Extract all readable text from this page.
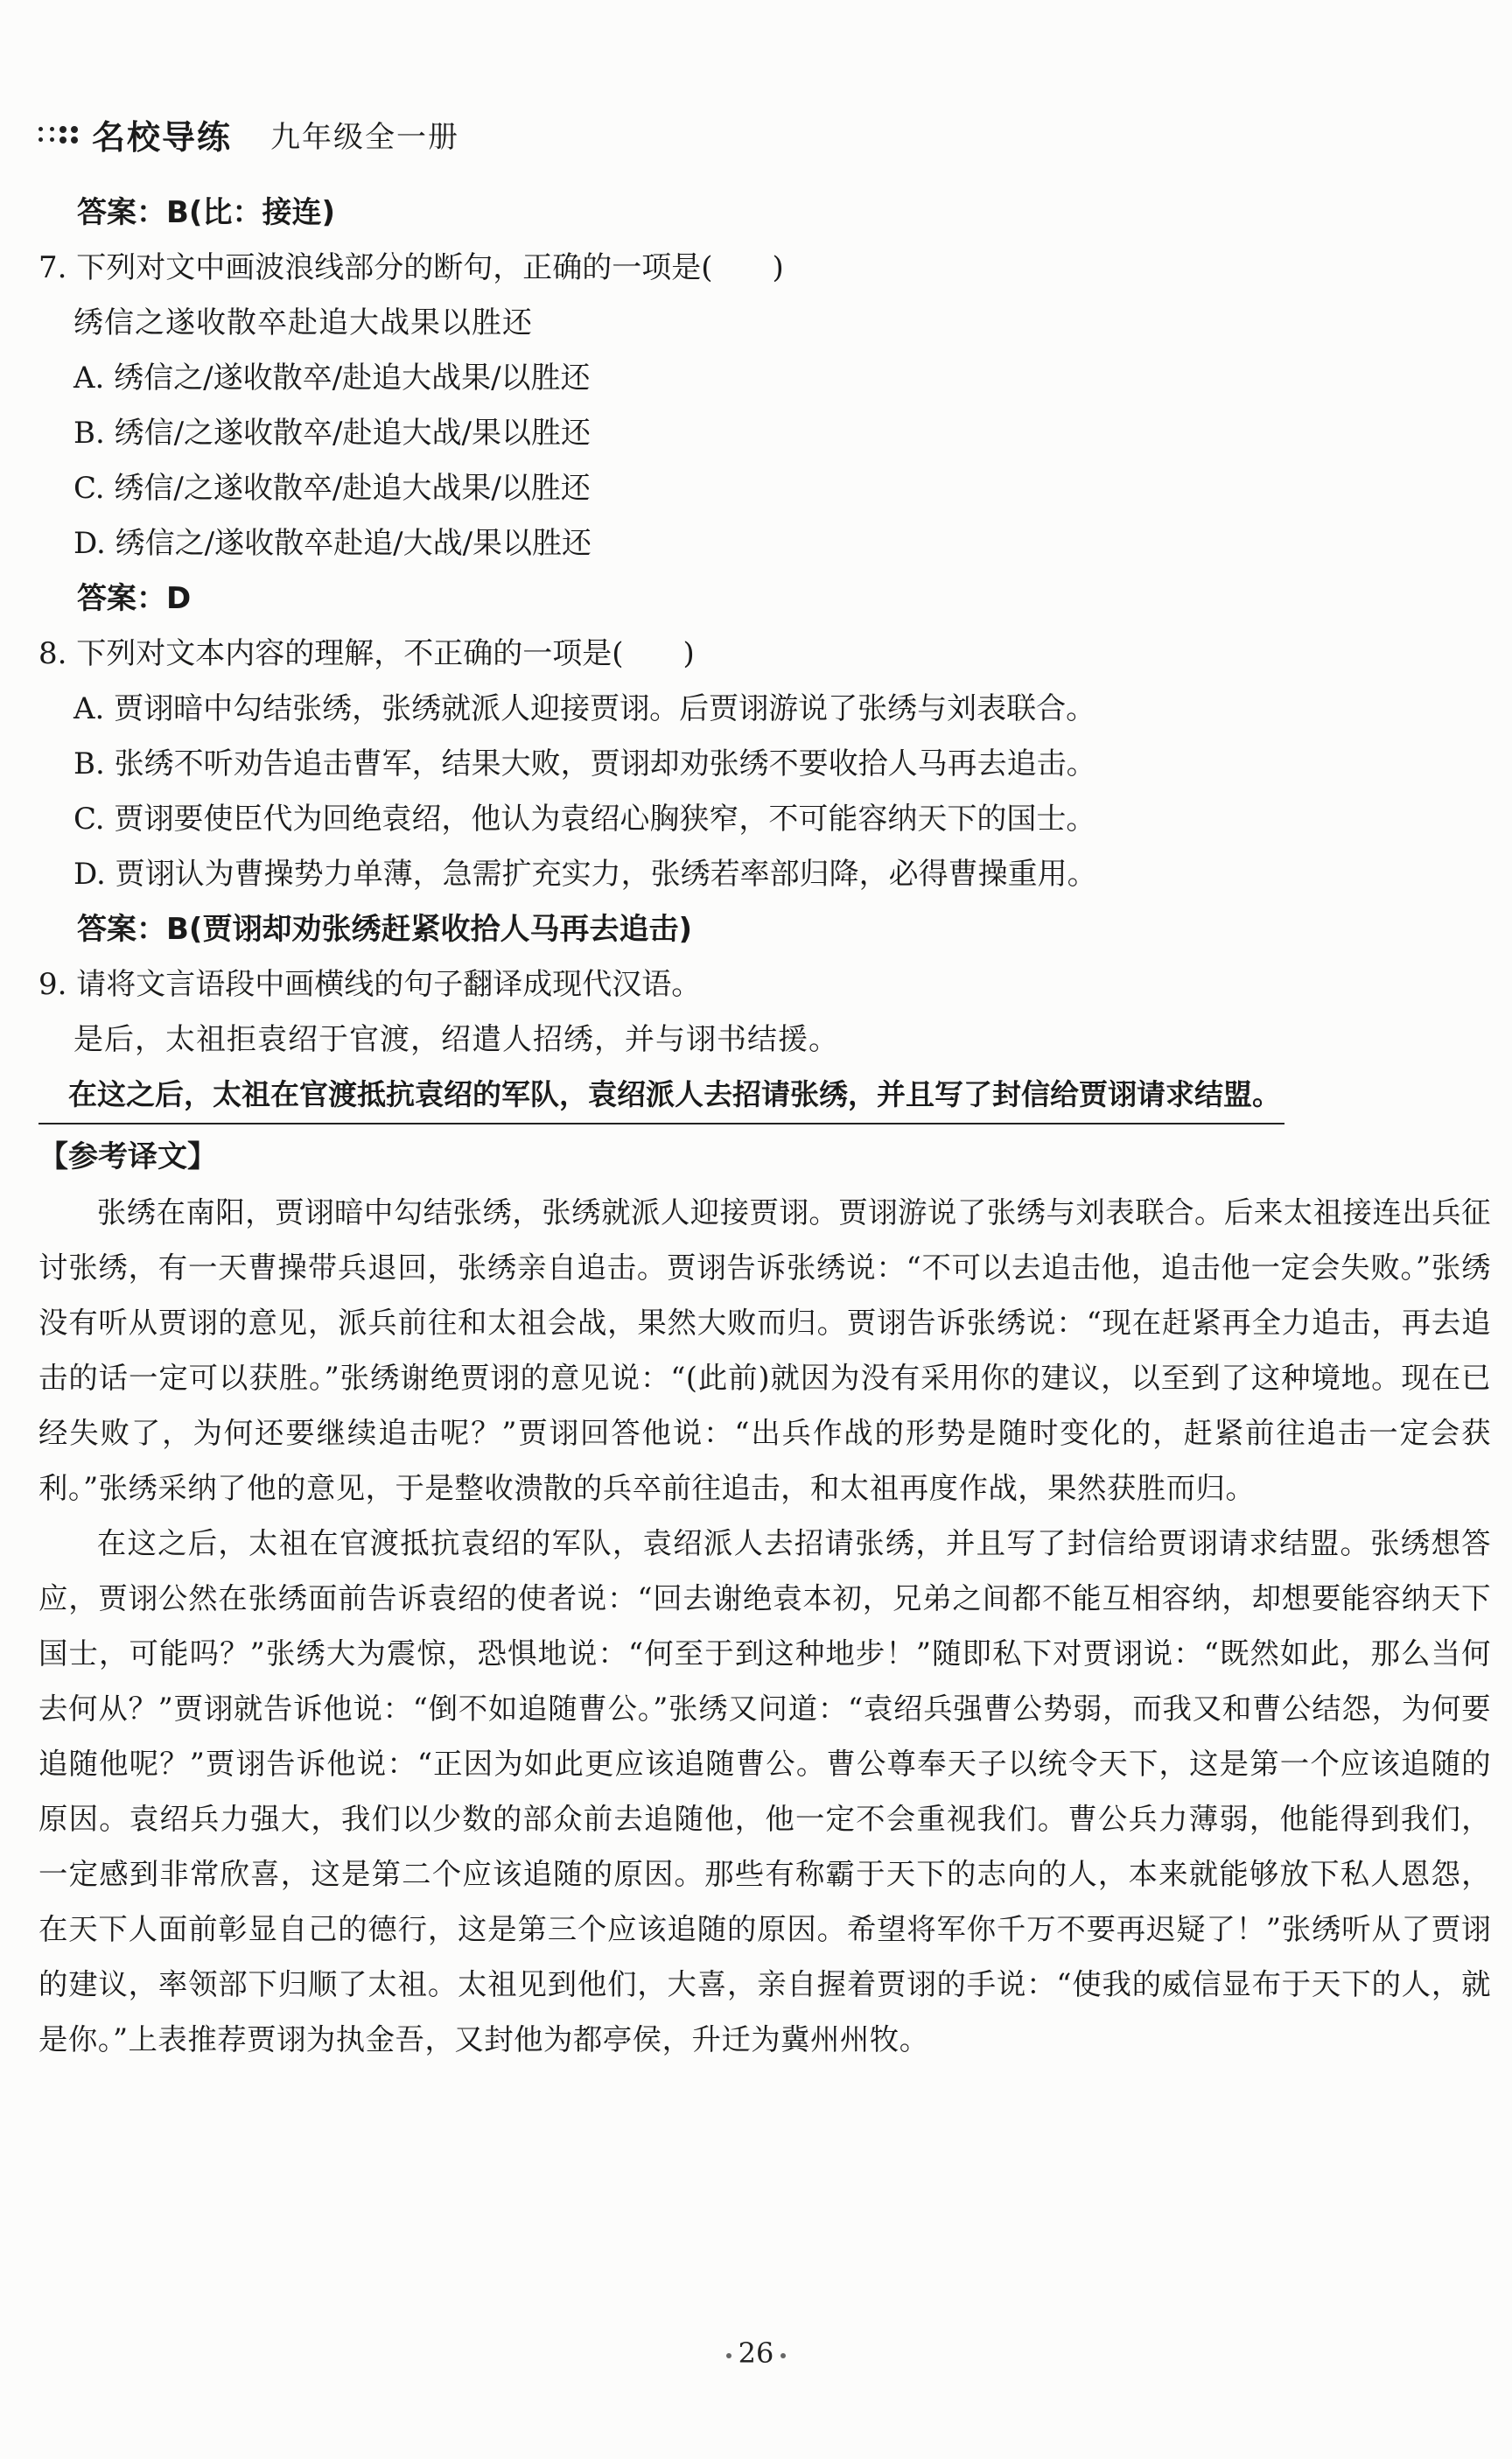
名校导练 九年级全一册
答案：B(比：接连)
7. 下列对文中画波浪线部分的断句，正确的一项是(　　)
绣信之遂收散卒赴追大战果以胜还
A. 绣信之/遂收散卒/赴追大战果/以胜还
B. 绣信/之遂收散卒/赴追大战/果以胜还
C. 绣信/之遂收散卒/赴追大战果/以胜还
D. 绣信之/遂收散卒赴追/大战/果以胜还
答案：D
8. 下列对文本内容的理解，不正确的一项是(　　)
A. 贾诩暗中勾结张绣，张绣就派人迎接贾诩。后贾诩游说了张绣与刘表联合。
B. 张绣不听劝告追击曹军，结果大败，贾诩却劝张绣不要收拾人马再去追击。
C. 贾诩要使臣代为回绝袁绍，他认为袁绍心胸狭窄，不可能容纳天下的国士。
D. 贾诩认为曹操势力单薄，急需扩充实力，张绣若率部归降，必得曹操重用。
答案：B(贾诩却劝张绣赶紧收拾人马再去追击)
9. 请将文言语段中画横线的句子翻译成现代汉语。
是后，太祖拒袁绍于官渡，绍遣人招绣，并与诩书结援。
在这之后，太祖在官渡抵抗袁绍的军队，袁绍派人去招请张绣，并且写了封信给贾诩请求结盟。
【参考译文】

张绣在南阳，贾诩暗中勾结张绣，张绣就派人迎接贾诩。贾诩游说了张绣与刘表联合。后来太祖接连出兵征讨张绣，有一天曹操带兵退回，张绣亲自追击。贾诩告诉张绣说：“不可以去追击他，追击他一定会失败。”张绣没有听从贾诩的意见，派兵前往和太祖会战，果然大败而归。贾诩告诉张绣说：“现在赶紧再全力追击，再去追击的话一定可以获胜。”张绣谢绝贾诩的意见说：“(此前)就因为没有采用你的建议，以至到了这种境地。现在已经失败了，为何还要继续追击呢？”贾诩回答他说：“出兵作战的形势是随时变化的，赶紧前往追击一定会获利。”张绣采纳了他的意见，于是整收溃散的兵卒前往追击，和太祖再度作战，果然获胜而归。

在这之后，太祖在官渡抵抗袁绍的军队，袁绍派人去招请张绣，并且写了封信给贾诩请求结盟。张绣想答应，贾诩公然在张绣面前告诉袁绍的使者说：“回去谢绝袁本初，兄弟之间都不能互相容纳，却想要能容纳天下国士，可能吗？”张绣大为震惊，恐惧地说：“何至于到这种地步！”随即私下对贾诩说：“既然如此，那么当何去何从？”贾诩就告诉他说：“倒不如追随曹公。”张绣又问道：“袁绍兵强曹公势弱，而我又和曹公结怨，为何要追随他呢？”贾诩告诉他说：“正因为如此更应该追随曹公。曹公尊奉天子以统令天下，这是第一个应该追随的原因。袁绍兵力强大，我们以少数的部众前去追随他，他一定不会重视我们。曹公兵力薄弱，他能得到我们，一定感到非常欣喜，这是第二个应该追随的原因。那些有称霸于天下的志向的人，本来就能够放下私人恩怨，在天下人面前彰显自己的德行，这是第三个应该追随的原因。希望将军你千万不要再迟疑了！”张绣听从了贾诩的建议，率领部下归顺了太祖。太祖见到他们，大喜，亲自握着贾诩的手说：“使我的威信显布于天下的人，就是你。”上表推荐贾诩为执金吾，又封他为都亭侯，升迁为冀州州牧。

26
